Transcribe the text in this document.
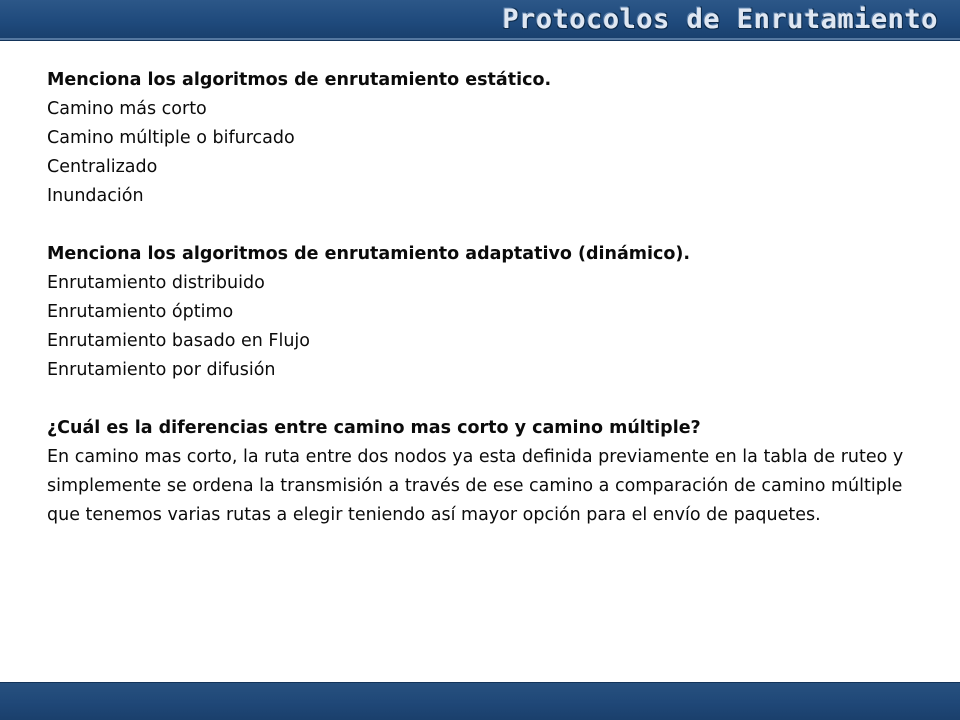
Protocolos de Enrutamiento

Menciona los algoritmos de enrutamiento estático.

Camino más corto

Camino múltiple o bifurcado

Centralizado

Inundación

Menciona los algoritmos de enrutamiento adaptativo (dinámico).

Enrutamiento distribuido

Enrutamiento óptimo

Enrutamiento basado en Flujo

Enrutamiento por difusión

¿Cuál es la diferencias entre camino mas corto y camino múltiple?

En camino mas corto, la ruta entre dos nodos ya esta definida previamente en la tabla de ruteo y simplemente se ordena la transmisión a través de ese camino a comparación de camino múltiple que tenemos varias rutas a elegir teniendo así mayor opción para el envío de paquetes.
